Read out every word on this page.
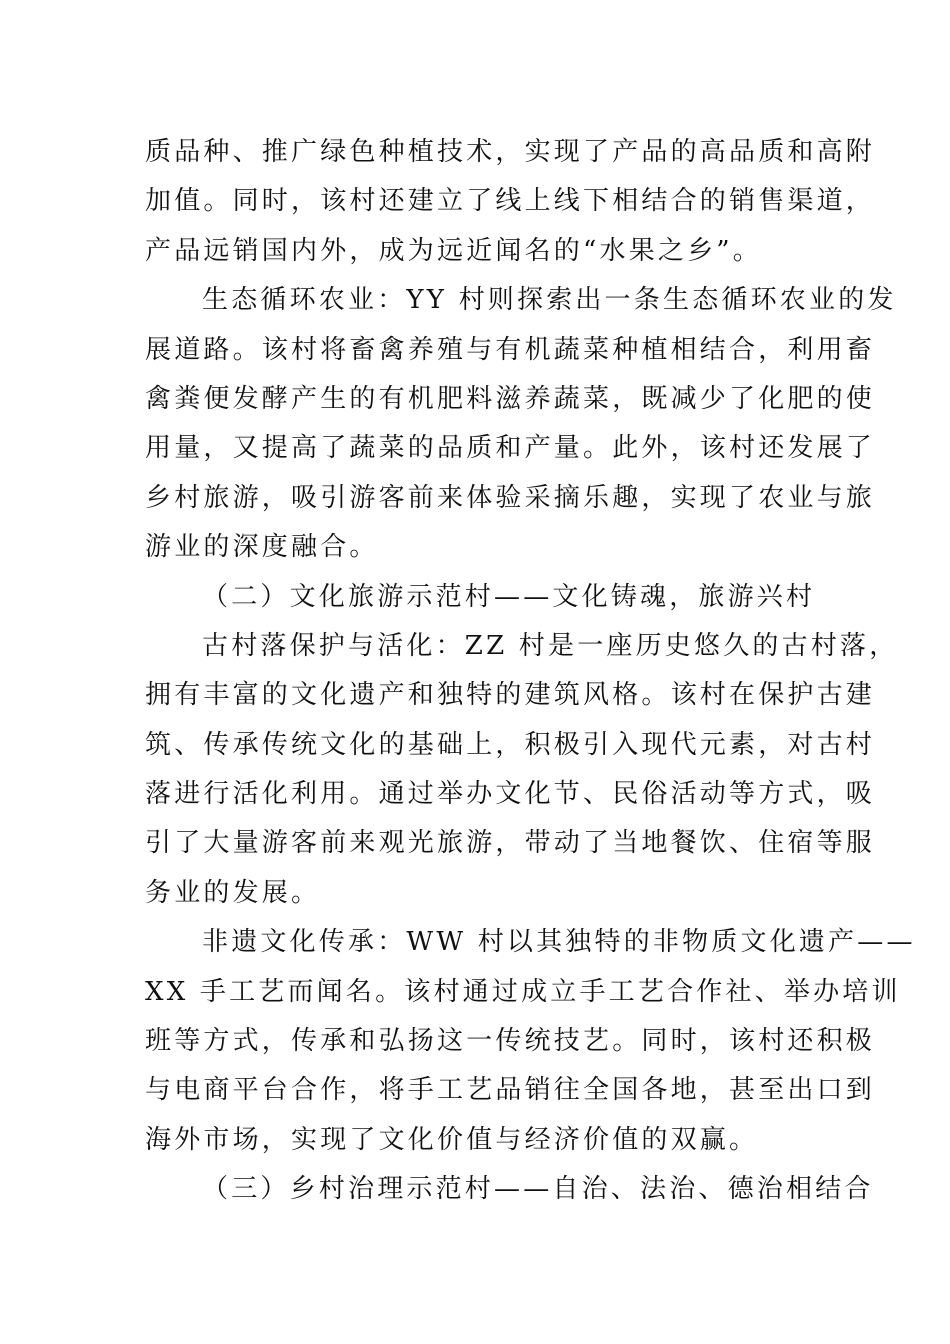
质品种、推广绿色种植技术，实现了产品的高品质和高附
加值。同时，该村还建立了线上线下相结合的销售渠道，
产品远销国内外，成为远近闻名的“水果之乡”。
生态循环农业：YY 村则探索出一条生态循环农业的发
展道路。该村将畜禽养殖与有机蔬菜种植相结合，利用畜
禽粪便发酵产生的有机肥料滋养蔬菜，既减少了化肥的使
用量，又提高了蔬菜的品质和产量。此外，该村还发展了
乡村旅游，吸引游客前来体验采摘乐趣，实现了农业与旅
游业的深度融合。
（二）文化旅游示范村——文化铸魂，旅游兴村
古村落保护与活化：ZZ 村是一座历史悠久的古村落，
拥有丰富的文化遗产和独特的建筑风格。该村在保护古建
筑、传承传统文化的基础上，积极引入现代元素，对古村
落进行活化利用。通过举办文化节、民俗活动等方式，吸
引了大量游客前来观光旅游，带动了当地餐饮、住宿等服
务业的发展。
非遗文化传承：WW 村以其独特的非物质文化遗产——
XX 手工艺而闻名。该村通过成立手工艺合作社、举办培训
班等方式，传承和弘扬这一传统技艺。同时，该村还积极
与电商平台合作，将手工艺品销往全国各地，甚至出口到
海外市场，实现了文化价值与经济价值的双赢。
（三）乡村治理示范村——自治、法治、德治相结合
